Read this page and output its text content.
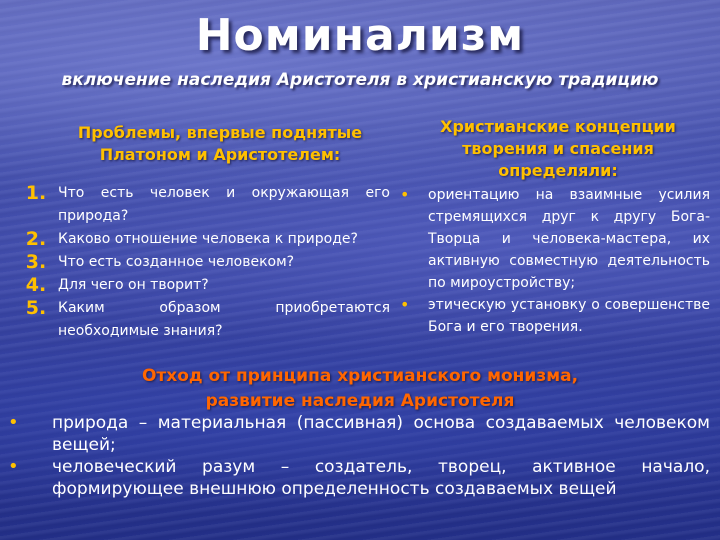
Номинализм

включение наследия Аристотеля в христианскую традицию

Проблемы, впервые поднятые
Платоном и Аристотелем:
1. Что есть человек и окружающая его природа?
2. Каково отношение человека к природе?
3. Что есть созданное человеком?
4. Для чего он творит?
5. Каким образом приобретаются необходимые знания?
Христианские концепции
творения и спасения
определяли:
•	ориентацию на взаимные усилия стремящихся друг к другу Бога-Творца и человека-мастера, их активную совместную деятельность по мироустройству;
•	этическую установку о совершенстве Бога и его творения.
Отход от принципа христианского монизма,
развитие наследия Аристотеля
•	природа – материальная (пассивная) основа создаваемых человеком вещей;
•	человеческий разум – создатель, творец, активное начало, формирующее внешнюю определенность создаваемых вещей
